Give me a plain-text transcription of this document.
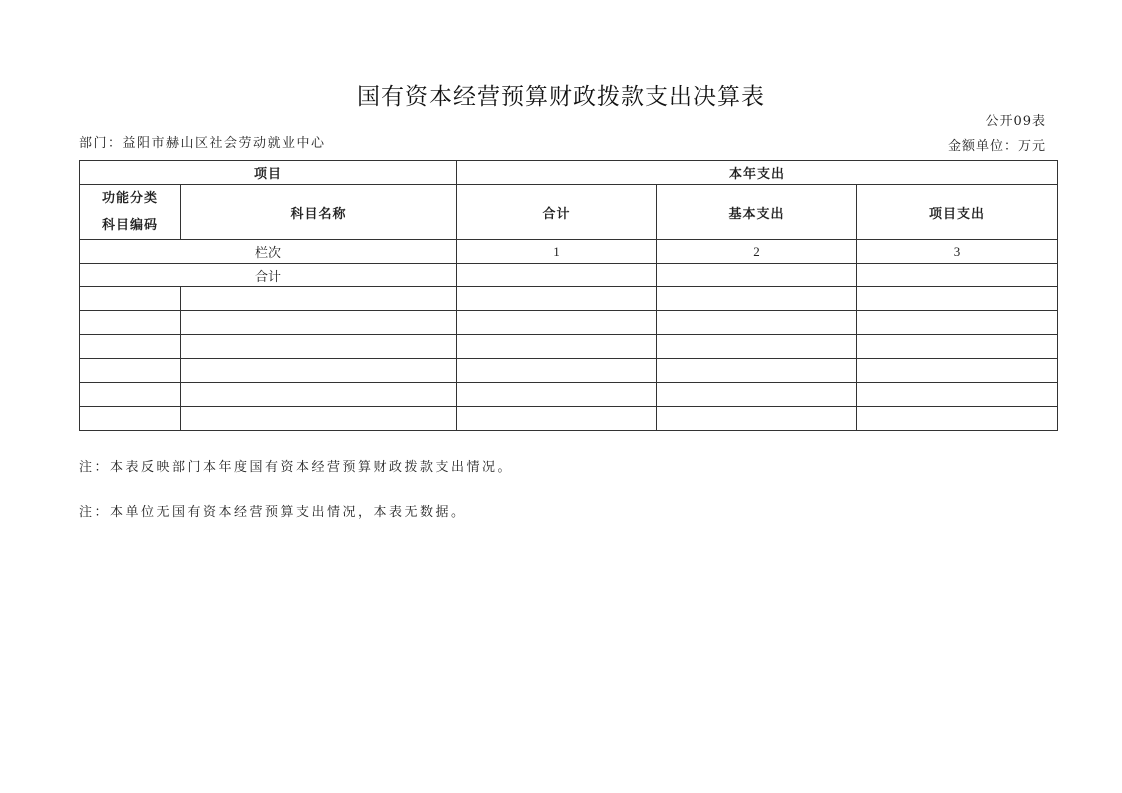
国有资本经营预算财政拨款支出决算表
公开09表
部门：益阳市赫山区社会劳动就业中心	金额单位：万元
项目		本年支出		

功能分类
科目编码	科目名称	合计	基本支出	项目支出
栏次		1	2	3
合计				

注：本表反映部门本年度国有资本经营预算财政拨款支出情况。
注：本单位无国有资本经营预算支出情况，本表无数据。
